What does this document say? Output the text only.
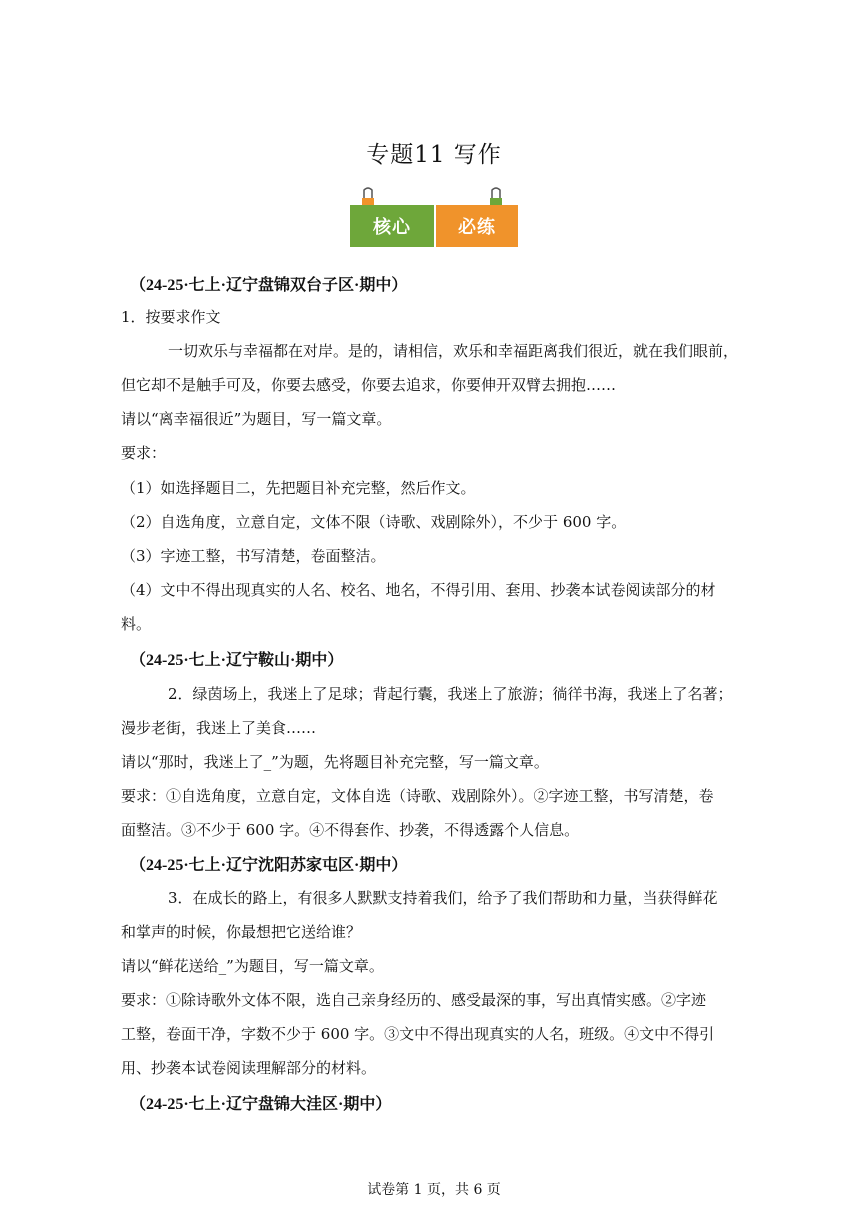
专题11 写作
核心	必练
（24-25·七上·辽宁盘锦双台子区·期中）
1．按要求作文
一切欢乐与幸福都在对岸。是的，请相信，欢乐和幸福距离我们很近，就在我们眼前，
但它却不是触手可及，你要去感受，你要去追求，你要伸开双臂去拥抱……
请以“离幸福很近”为题目，写一篇文章。
要求：
（1）如选择题目二，先把题目补充完整，然后作文。
（2）自选角度，立意自定，文体不限（诗歌、戏剧除外），不少于 600 字。
（3）字迹工整，书写清楚，卷面整洁。
（4）文中不得出现真实的人名、校名、地名，不得引用、套用、抄袭本试卷阅读部分的材
料。
（24-25·七上·辽宁鞍山·期中）
2．绿茵场上，我迷上了足球；背起行囊，我迷上了旅游；徜徉书海，我迷上了名著；
漫步老街，我迷上了美食……
请以“那时，我迷上了_”为题，先将题目补充完整，写一篇文章。
要求：①自选角度，立意自定，文体自选（诗歌、戏剧除外）。②字迹工整，书写清楚，卷
面整洁。③不少于 600 字。④不得套作、抄袭，不得透露个人信息。
（24-25·七上·辽宁沈阳苏家屯区·期中）
3．在成长的路上，有很多人默默支持着我们，给予了我们帮助和力量，当获得鲜花
和掌声的时候，你最想把它送给谁？
请以“鲜花送给_”为题目，写一篇文章。
要求：①除诗歌外文体不限，选自己亲身经历的、感受最深的事，写出真情实感。②字迹
工整，卷面干净，字数不少于 600 字。③文中不得出现真实的人名，班级。④文中不得引
用、抄袭本试卷阅读理解部分的材料。
（24-25·七上·辽宁盘锦大洼区·期中）
试卷第 1 页，共 6 页
